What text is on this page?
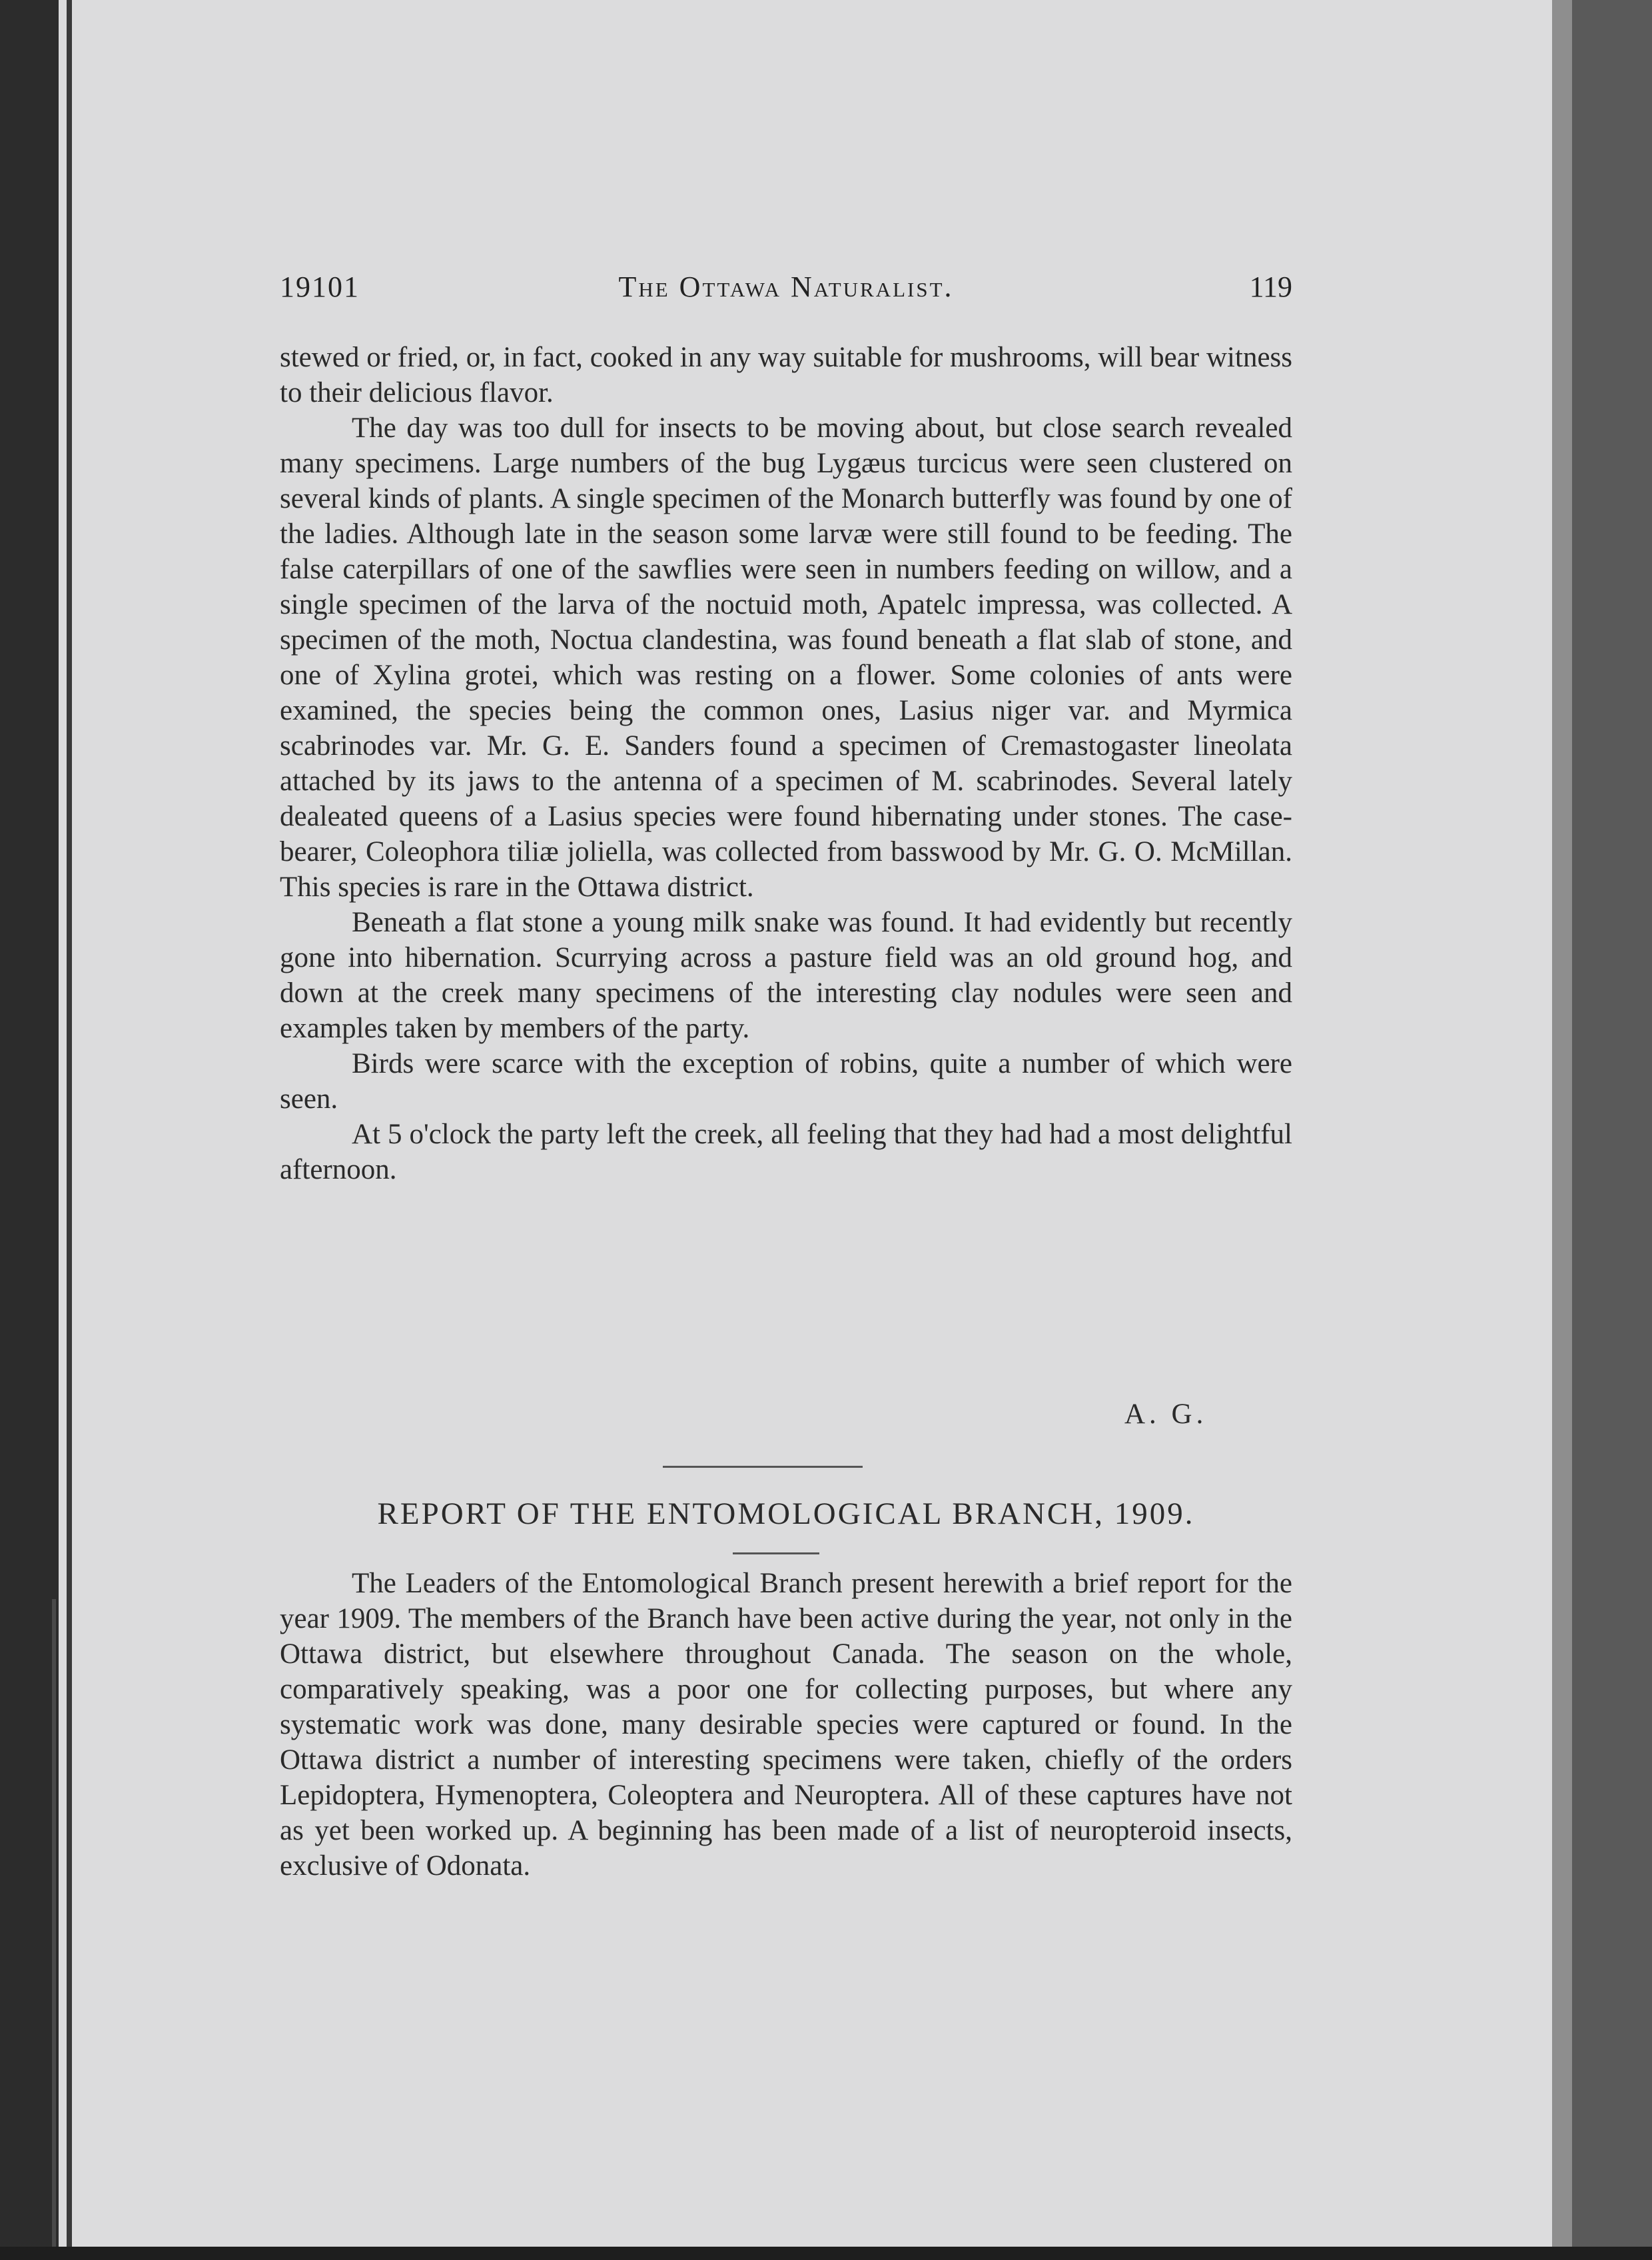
19101	The Ottawa Naturalist.	119

stewed or fried, or, in fact, cooked in any way suitable for mushrooms, will bear witness to their delicious flavor.

The day was too dull for insects to be moving about, but close search revealed many specimens. Large numbers of the bug Lygæus turcicus were seen clustered on several kinds of plants. A single specimen of the Monarch butterfly was found by one of the ladies. Although late in the season some larvæ were still found to be feeding. The false caterpillars of one of the sawflies were seen in numbers feeding on willow, and a single specimen of the larva of the noctuid moth, Apatelc impressa, was collected. A specimen of the moth, Noctua clandestina, was found beneath a flat slab of stone, and one of Xylina grotei, which was resting on a flower. Some colonies of ants were examined, the species being the common ones, Lasius niger var. and Myrmica scabrinodes var. Mr. G. E. Sanders found a specimen of Cremastogaster lineolata attached by its jaws to the antenna of a specimen of M. scabrinodes. Several lately dealeated queens of a Lasius species were found hibernating under stones. The case-bearer, Coleophora tiliæ joliella, was collected from basswood by Mr. G. O. McMillan. This species is rare in the Ottawa district.

Beneath a flat stone a young milk snake was found. It had evidently but recently gone into hibernation. Scurrying across a pasture field was an old ground hog, and down at the creek many specimens of the interesting clay nodules were seen and examples taken by members of the party.

Birds were scarce with the exception of robins, quite a number of which were seen.

At 5 o'clock the party left the creek, all feeling that they had had a most delightful afternoon.

A. G.
REPORT OF THE ENTOMOLOGICAL BRANCH, 1909.

The Leaders of the Entomological Branch present herewith a brief report for the year 1909. The members of the Branch have been active during the year, not only in the Ottawa district, but elsewhere throughout Canada. The season on the whole, comparatively speaking, was a poor one for collecting purposes, but where any systematic work was done, many desirable species were captured or found. In the Ottawa district a number of interesting specimens were taken, chiefly of the orders Lepidoptera, Hymenoptera, Coleoptera and Neuroptera. All of these captures have not as yet been worked up. A beginning has been made of a list of neuropteroid insects, exclusive of Odonata.
